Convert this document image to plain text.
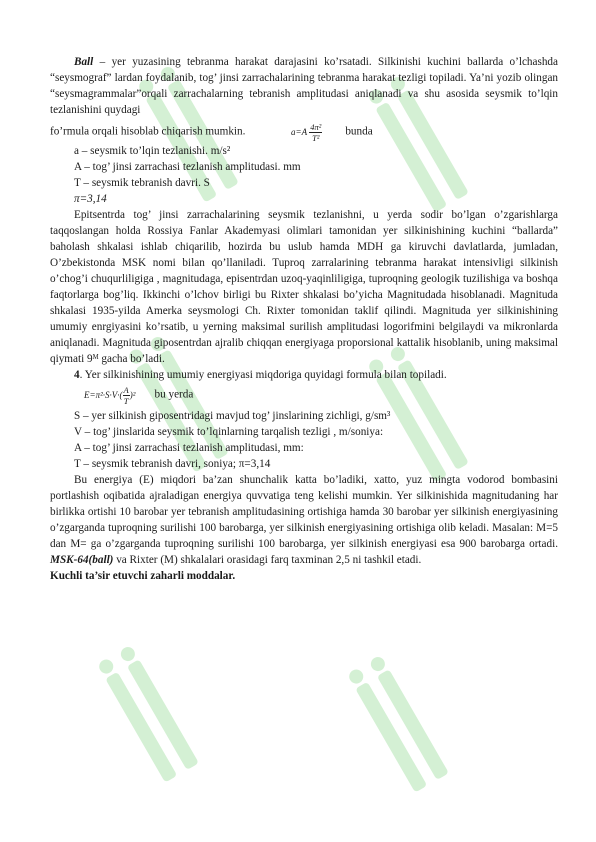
Ball – yer yuzasining tebranma harakat darajasini ko’rsatadi. Silkinishi kuchini ballarda o’lchashda “seysmograf” lardan foydalanib, tog’ jinsi zarrachalarining tebranma harakat tezligi topiladi. Ya’ni yozib olingan “seysmagrammalar”orqali zarrachalarning tebranish amplitudasi aniqlanadi va shu asosida seysmik to’lqin tezlanishini quydagi

fo’rmula orqali hisoblab chiqarish mumkin.	$a=A \frac{\text{4π²}}{\text{T²}}$ bunda

a – seysmik to’lqin tezlanishi. m/s²

A – tog’ jinsi zarrachasi tezlanish amplitudasi. mm

T – seysmik tebranish davri. S

π=3,14

Epitsentrda tog’ jinsi zarrachalarining seysmik tezlanishni, u yerda sodir bo’lgan o’zgarishlarga taqqoslangan holda Rossiya Fanlar Akademyasi olimlari tamonidan yer silkinishining kuchini “ballarda” baholash shkalasi ishlab chiqarilib, hozirda bu uslub hamda MDH ga kiruvchi davlatlarda, jumladan, O’zbekistonda MSK nomi bilan qo’llaniladi. Tuproq zarralarining tebranma harakat intensivligi silkinish o’chog’i chuqurliligiga , magnitudaga, episentrdan uzoq-yaqinliligiga, tuproqning geologik tuzilishiga va boshqa faqtorlarga bog’liq. Ikkinchi o’lchov birligi bu Rixter shkalasi bo’yicha Magnitudada hisoblanadi. Magnituda shkalasi 1935-yilda Amerka seysmologi Ch. Rixter tomonidan taklif qilindi. Magnituda yer silkinishining umumiy enrgiyasini ko’rsatib, u yerning maksimal surilish amplitudasi logorifmini belgilaydi va mikronlarda aniqlanadi. Magnituda giposentrdan ajralib chiqqan energiyaga proporsional kattalik hisoblanib, uning maksimal qiymati 9ᴹ gacha bo’ladi.

4. Yer silkinishining umumiy energiyasi miqdoriga quyidagi formula bilan topiladi.

$E=\pi^2\cdot S\cdot V\cdot( \frac{A}{T} )^2$ bu yerda

S – yer silkinish giposentridagi mavjud tog’ jinslarining zichligi, g/sm³

V – tog’ jinslarida seysmik to’lqinlarning tarqalish tezligi , m/soniya:

A – tog’ jinsi zarrachasi tezlanish amplitudasi, mm:

T – seysmik tebranish davri, soniya; π=3,14

Bu energiya (E) miqdori ba’zan shunchalik katta bo’ladiki, xatto, yuz mingta vodorod bombasini portlashish oqibatida ajraladigan energiya quvvatiga teng kelishi mumkin. Yer silkinishida magnitudaning har birlikka ortishi 10 barobar yer tebranish amplitudasining ortishiga hamda 30 barobar yer silkinish energiyasining o’zgarganda tuproqning surilishi 100 barobarga, yer silkinish energiyasining ortishiga olib keladi. Masalan: M=5 dan M= ga o’zgarganda tuproqning surilishi 100 barobarga, yer silkinish energiyasi esa 900 barobarga ortadi. MSK-64(ball) va Rixter (M) shkalalari orasidagi farq taxminan 2,5 ni tashkil etadi.

Kuchli ta’sir etuvchi zaharli moddalar.
